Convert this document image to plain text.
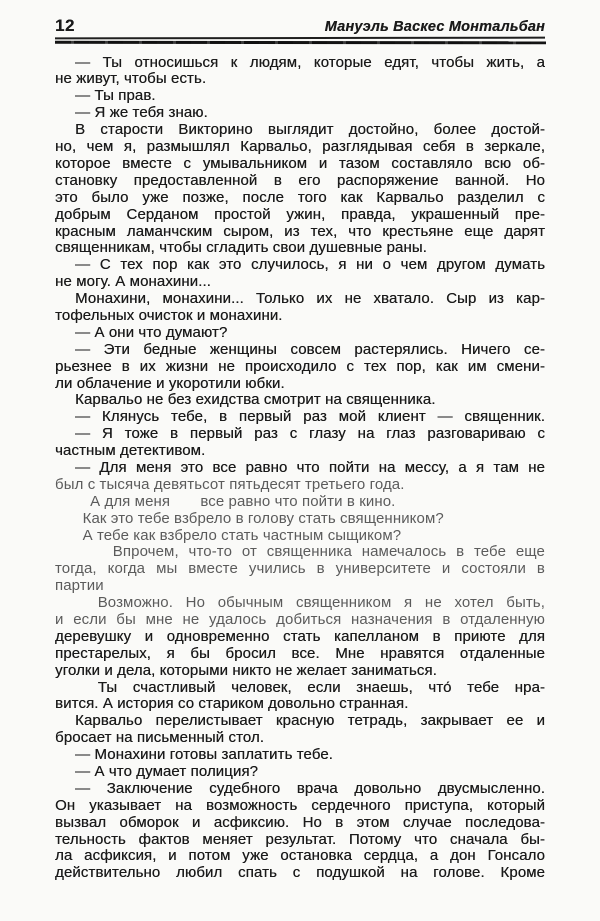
12	Мануэль Васкес Монтальбан

— Ты относишься к людям, которые едят, чтобы жить, а
не живут, чтобы есть.

— Ты прав.

— Я же тебя знаю.

В старости Викторино выглядит достойно, более достой-
но, чем я, размышлял Карвальо, разглядывая себя в зеркале,
которое вместе с умывальником и тазом составляло всю об-
становку предоставленной в его распоряжение ванной. Но
это было уже позже, после того как Карвальо разделил с
добрым Серданом простой ужин, правда, украшенный пре-
красным ламанчским сыром, из тех, что крестьяне еще дарят
священникам, чтобы сгладить свои душевные раны.

— С тех пор как это случилось, я ни о чем другом думать
не могу. А монахини...

Монахини, монахини... Только их не хватало. Сыр из кар-
тофельных очисток и монахини.

— А они что думают?

— Эти бедные женщины совсем растерялись. Ничего се-
рьезнее в их жизни не происходило с тех пор, как им смени-
ли облачение и укоротили юбки.

Карвальо не без ехидства смотрит на священника.

— Клянусь тебе, в первый раз мой клиент — священник.

— Я тоже в первый раз с глазу на глаз разговариваю с
частным детективом.

— Для меня это все равно что пойти на мессу, а я там не
был с тысяча девятьсот пятьдесят третьего года.

 А для меня  все равно что пойти в кино.

 Как это тебе взбрело в голову стать священником?

 А тебе как взбрело стать частным сыщиком?

   Впрочем, что-то от священника намечалось в тебе еще
тогда, когда мы вместе учились в университете и состояли в
партии

  Возможно. Но обычным священником я не хотел быть,
и если бы мне не удалось добиться назначения в отдаленную
деревушку и одновременно стать капелланом в приюте для
престарелых, я бы бросил все. Мне нравятся отдаленные
уголки и дела, которыми никто не желает заниматься.

  Ты счастливый человек, если знаешь, что́ тебе нра-
вится. А история со стариком довольно странная.

Карвальо перелистывает красную тетрадь, закрывает ее и
бросает на письменный стол.

— Монахини готовы заплатить тебе.

— А что думает полиция?

— Заключение судебного врача довольно двусмысленно.
Он указывает на возможность сердечного приступа, который
вызвал обморок и асфиксию. Но в этом случае последова-
тельность фактов меняет результат. Потому что сначала бы-
ла асфиксия, и потом уже остановка сердца, а дон Гонсало
действительно любил спать с подушкой на голове. Кроме
